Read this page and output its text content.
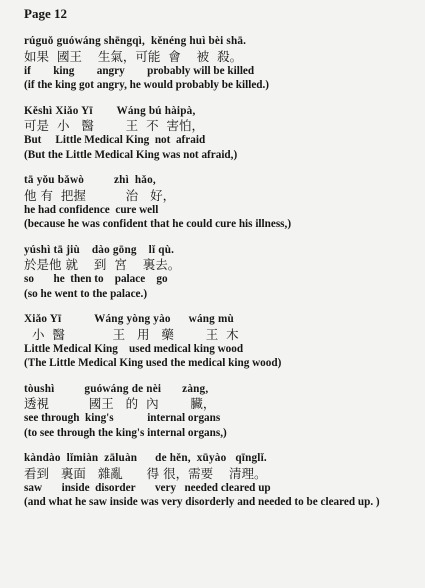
Page 12
rúguǒ guówáng shēngqì,  kěnéng huì bèi shā.
如果  國王    生氣，可能  會    被  殺。
if        king        angry        probably will be killed
(if the king got angry, he would probably be killed.)
Kěshì Xiǎo Yī        Wáng bú hàipà,
可是  小   醫        王  不  害怕，
But     Little Medical King  not  afraid
(But the Little Medical King was not afraid,)
tā yǒu bǎwò          zhì  hǎo,
他 有  把握          治   好，
he had confidence  cure well
(because he was confident that he could cure his illness,)
yúshì tā jiù    dào gōng    lǐ qù.
於是他 就    到  宮    裏去。
so       he  then to    palace    go
(so he went to the palace.)
Xiǎo Yī           Wáng yòng yào      wáng mù
小  醫            王   用   藥        王  木
Little Medical King    used medical king wood
(The Little Medical King used the medical king wood)
tòushì          guówáng de nèi       zàng,
透視          國王   的  內        臟，
see through  king's            internal organs
(to see through the king's internal organs,)
kàndào  lǐmiàn  zāluàn      de hěn,  xūyào   qīnglǐ.
看到   裏面   雜亂      得 很，需要    清理。
saw       inside  disorder       very   needed cleared up
(and what he saw inside was very disorderly and needed to be cleared up. )
